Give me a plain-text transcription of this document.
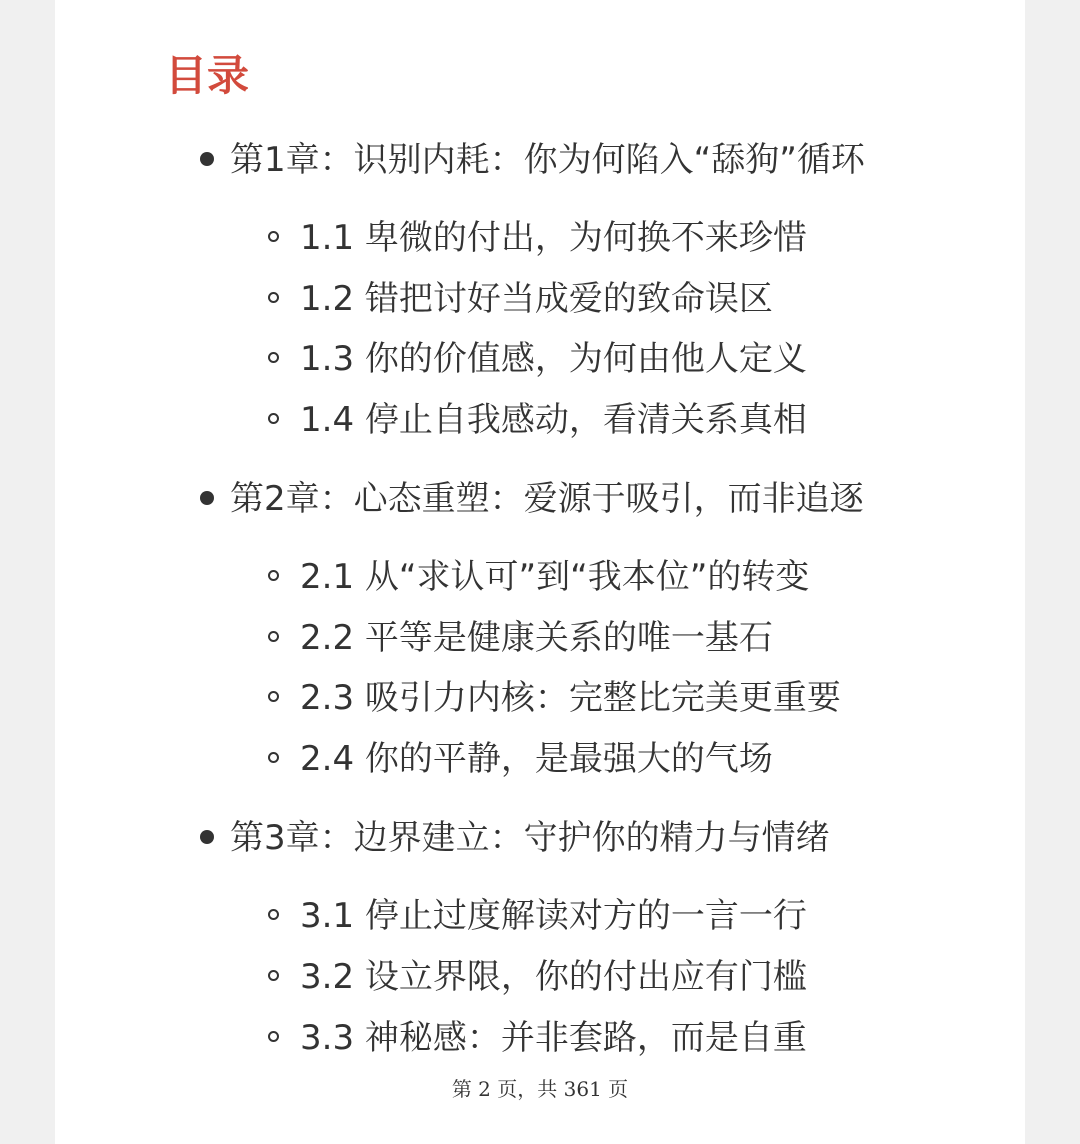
目录
第1章：识别内耗：你为何陷入“舔狗”循环
1.1 卑微的付出，为何换不来珍惜
1.2 错把讨好当成爱的致命误区
1.3 你的价值感，为何由他人定义
1.4 停止自我感动，看清关系真相
第2章：心态重塑：爱源于吸引，而非追逐
2.1 从“求认可”到“我本位”的转变
2.2 平等是健康关系的唯一基石
2.3 吸引力内核：完整比完美更重要
2.4 你的平静，是最强大的气场
第3章：边界建立：守护你的精力与情绪
3.1 停止过度解读对方的一言一行
3.2 设立界限，你的付出应有门槛
3.3 神秘感：并非套路，而是自重
第 2 页，共 361 页
